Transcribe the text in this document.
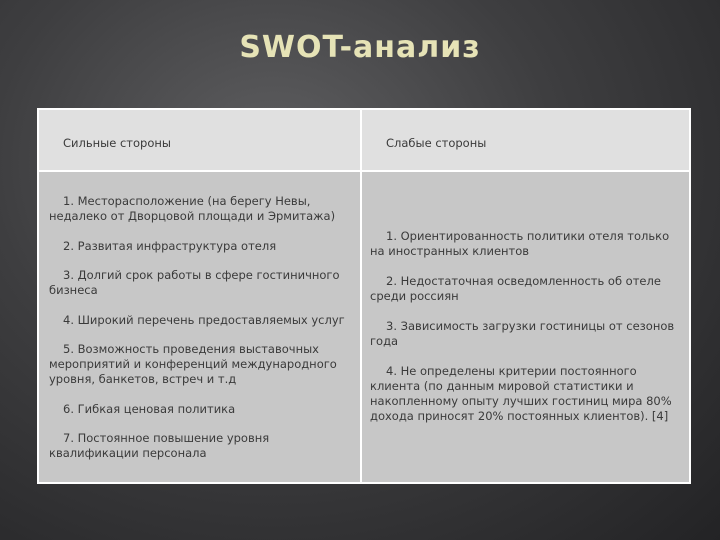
SWOT-анализ
Сильные стороны	Слабые стороны

1. Месторасположение (на берегу Невы, недалеко от Дворцовой площади и Эрмитажа)

2. Развитая инфраструктура отеля

3. Долгий срок работы в сфере гостиничного бизнеса

4. Широкий перечень предоставляемых услуг

5. Возможность проведения выставочных мероприятий и конференций международного уровня, банкетов, встреч и т.д

6. Гибкая ценовая политика

7. Постоянное повышение уровня квалификации персонала

1. Ориентированность политики отеля только на иностранных клиентов

2. Недостаточная осведомленность об отеле среди россиян

3. Зависимость загрузки гостиницы от сезонов года

4. Не определены критерии постоянного клиента (по данным мировой статистики и накопленному опыту лучших гостиниц мира 80% дохода приносят 20% постоянных клиентов). [4]
